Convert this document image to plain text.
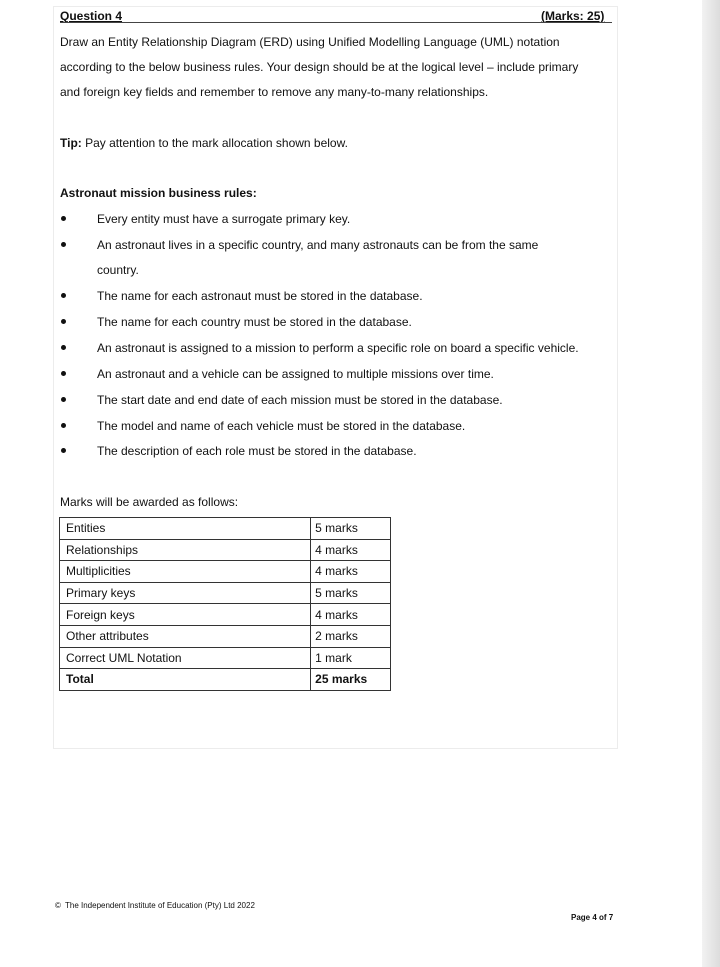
Question 4	(Marks: 25)
Draw an Entity Relationship Diagram (ERD) using Unified Modelling Language (UML) notation
according to the below business rules. Your design should be at the logical level – include primary
and foreign key fields and remember to remove any many-to-many relationships.
Tip: Pay attention to the mark allocation shown below.
Astronaut mission business rules:
Every entity must have a surrogate primary key.
An astronaut lives in a specific country, and many astronauts can be from the same
country.
The name for each astronaut must be stored in the database.
The name for each country must be stored in the database.
An astronaut is assigned to a mission to perform a specific role on board a specific vehicle.
An astronaut and a vehicle can be assigned to multiple missions over time.
The start date and end date of each mission must be stored in the database.
The model and name of each vehicle must be stored in the database.
The description of each role must be stored in the database.
Marks will be awarded as follows:
Entities	5 marks
Relationships	4 marks
Multiplicities	4 marks
Primary keys	5 marks
Foreign keys	4 marks
Other attributes	2 marks
Correct UML Notation	1 mark
Total	25 marks
© The Independent Institute of Education (Pty) Ltd 2022
Page 4 of 7
